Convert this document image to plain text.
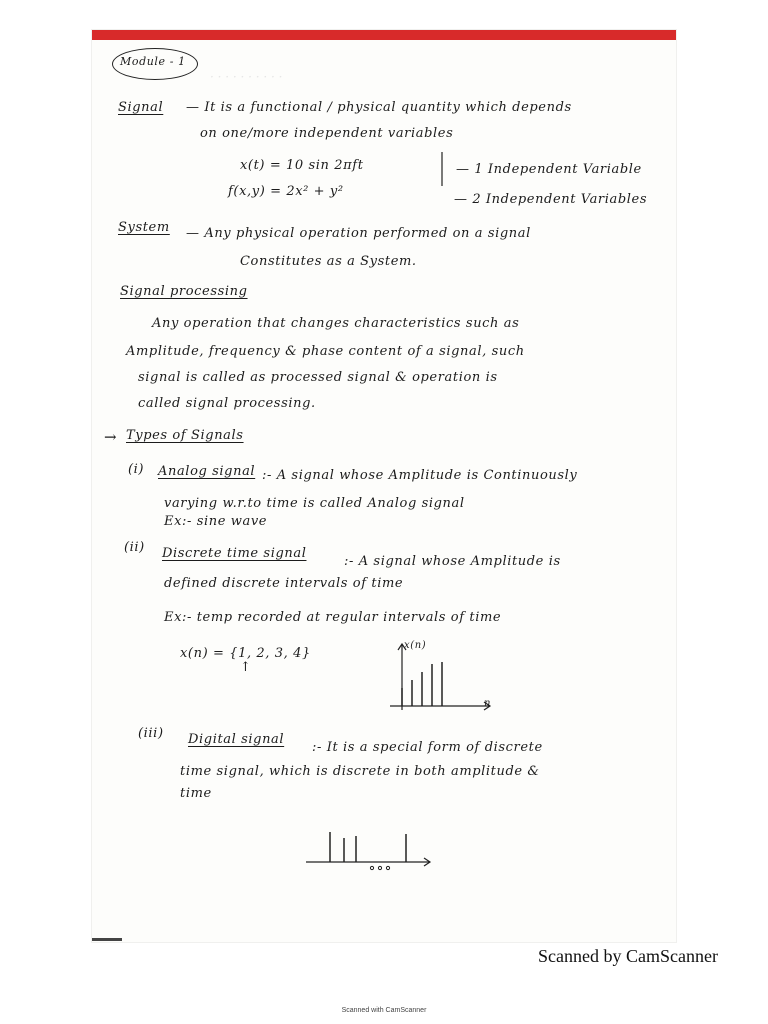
· · · · · · · · · ·
Module - 1
Signal — It is a functional / physical quantity which depends
on one/more independent variables
x(t) = 10 sin 2πft	— 1 Independent Variable
f(x,y) = 2x² + y²
— 2 Independent Variables
System — Any physical operation performed on a signal
Constitutes as a System.
Signal processing
Any operation that changes characteristics such as
Amplitude, frequency & phase content of a signal, such
signal is called as processed signal & operation is
called signal processing.
→ Types of Signals
(i) Analog signal :- A signal whose Amplitude is Continuously
varying w.r.to time is called Analog signal
Ex:- sine wave
(ii) Discrete time signal
:- A signal whose Amplitude is
defined discrete intervals of time
Ex:- temp recorded at regular intervals of time
x(n) = {1, 2, 3, 4}
↑
x(n)
n
(iii) Digital signal
:- It is a special form of discrete
time signal, which is discrete in both amplitude &
time
Scanned by CamScanner
Scanned with CamScanner
